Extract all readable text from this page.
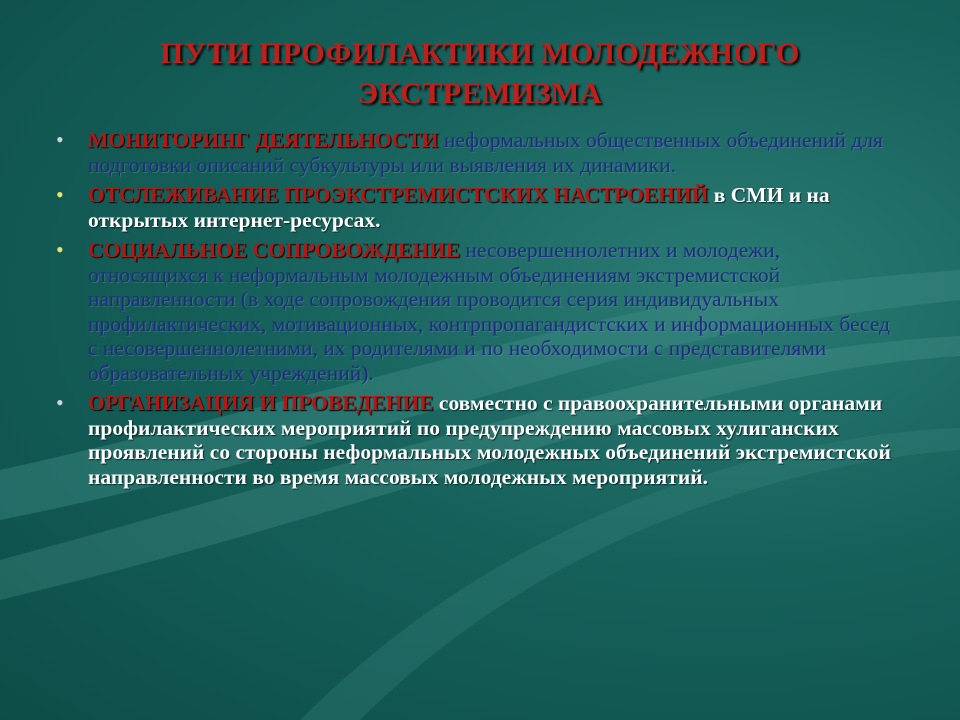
ПУТИ ПРОФИЛАКТИКИ МОЛОДЕЖНОГО
ЭКСТРЕМИЗМА
• МОНИТОРИНГ ДЕЯТЕЛЬНОСТИ неформальных общественных объединений для подготовки описаний субкультуры или выявления их динамики.
• ОТСЛЕЖИВАНИЕ ПРОЭКСТРЕМИСТСКИХ НАСТРОЕНИЙ в СМИ и на открытых интернет-ресурсах.
• СОЦИАЛЬНОЕ СОПРОВОЖДЕНИЕ несовершеннолетних и молодежи, относящихся к неформальным молодежным объединениям экстремистской направленности (в ходе сопровождения проводится серия индивидуальных профилактических, мотивационных, контрпропагандистских и информационных бесед с несовершеннолетними, их родителями и по необходимости с представителями образовательных учреждений).
• ОРГАНИЗАЦИЯ И ПРОВЕДЕНИЕ совместно с правоохранительными органами профилактических мероприятий по предупреждению массовых хулиганских проявлений со стороны неформальных молодежных объединений экстремистской направленности во время массовых молодежных мероприятий.
